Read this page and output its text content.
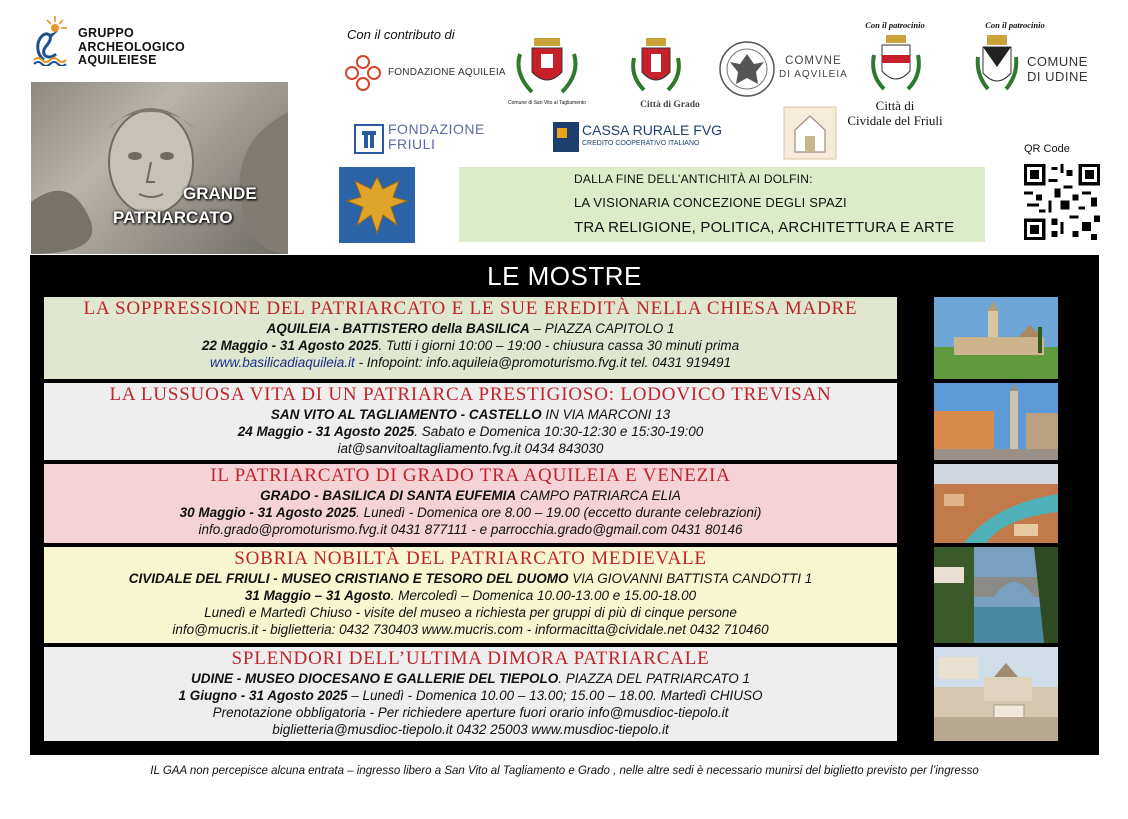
GRUPPO
ARCHEOLOGICO
AQUILEIESE
Con il contributo di
FONDAZIONE AQUILEIA
Comune di San Vito al Tagliamento	Città di Grado
COMVNE
DI AQVILEIA
Con il patrocinio
Città di
Cividale del Friuli
Con il patrocinio
COMUNE
DI UDINE
FONDAZIONE
FRIULI
CASSA RURALE FVG
CREDITO COOPERATIVO ITALIANO
GRANDE
PATRIARCATO
DALLA FINE DELL’ANTICHITÀ AI DOLFIN:
LA VISIONARIA CONCEZIONE DEGLI SPAZI
TRA RELIGIONE, POLITICA, ARCHITETTURA E ARTE
QR Code
LE MOSTRE
LA SOPPRESSIONE DEL PATRIARCATO E LE SUE EREDITÀ NELLA CHIESA MADRE
AQUILEIA - BATTISTERO della BASILICA – PIAZZA CAPITOLO 1
22 Maggio - 31 Agosto 2025. Tutti i giorni 10:00 – 19:00 - chiusura cassa 30 minuti prima
www.basilicadiaquileia.it - Infopoint: info.aquileia@promoturismo.fvg.it tel. 0431 919491
LA LUSSUOSA VITA DI UN PATRIARCA PRESTIGIOSO: LODOVICO TREVISAN
SAN VITO AL TAGLIAMENTO - CASTELLO IN VIA MARCONI 13
24 Maggio - 31 Agosto 2025. Sabato e Domenica 10:30-12:30 e 15:30-19:00
iat@sanvitoaltagliamento.fvg.it 0434 843030
IL PATRIARCATO DI GRADO TRA AQUILEIA E VENEZIA
GRADO - BASILICA DI SANTA EUFEMIA CAMPO PATRIARCA ELIA
30 Maggio - 31 Agosto 2025. Lunedì - Domenica ore 8.00 – 19.00 (eccetto durante celebrazioni)
info.grado@promoturismo.fvg.it 0431 877111 - e parrocchia.grado@gmail.com 0431 80146
SOBRIA NOBILTÀ DEL PATRIARCATO MEDIEVALE
CIVIDALE DEL FRIULI - MUSEO CRISTIANO E TESORO DEL DUOMO VIA GIOVANNI BATTISTA CANDOTTI 1
31 Maggio – 31 Agosto. Mercoledì – Domenica 10.00-13.00 e 15.00-18.00
Lunedì e Martedì Chiuso - visite del museo a richiesta per gruppi di più di cinque persone
info@mucris.it - biglietteria: 0432 730403 www.mucris.com - informacitta@cividale.net 0432 710460
SPLENDORI DELL’ULTIMA DIMORA PATRIARCALE
UDINE - MUSEO DIOCESANO E GALLERIE DEL TIEPOLO. PIAZZA DEL PATRIARCATO 1
1 Giugno - 31 Agosto 2025 – Lunedì - Domenica 10.00 – 13.00; 15.00 – 18.00. Martedì CHIUSO
Prenotazione obbligatoria - Per richiedere aperture fuori orario info@musdioc-tiepolo.it
biglietteria@musdioc-tiepolo.it 0432 25003 www.musdioc-tiepolo.it
IL GAA non percepisce alcuna entrata – ingresso libero a San Vito al Tagliamento e Grado , nelle altre sedi è necessario munirsi del biglietto previsto per l’ingresso
